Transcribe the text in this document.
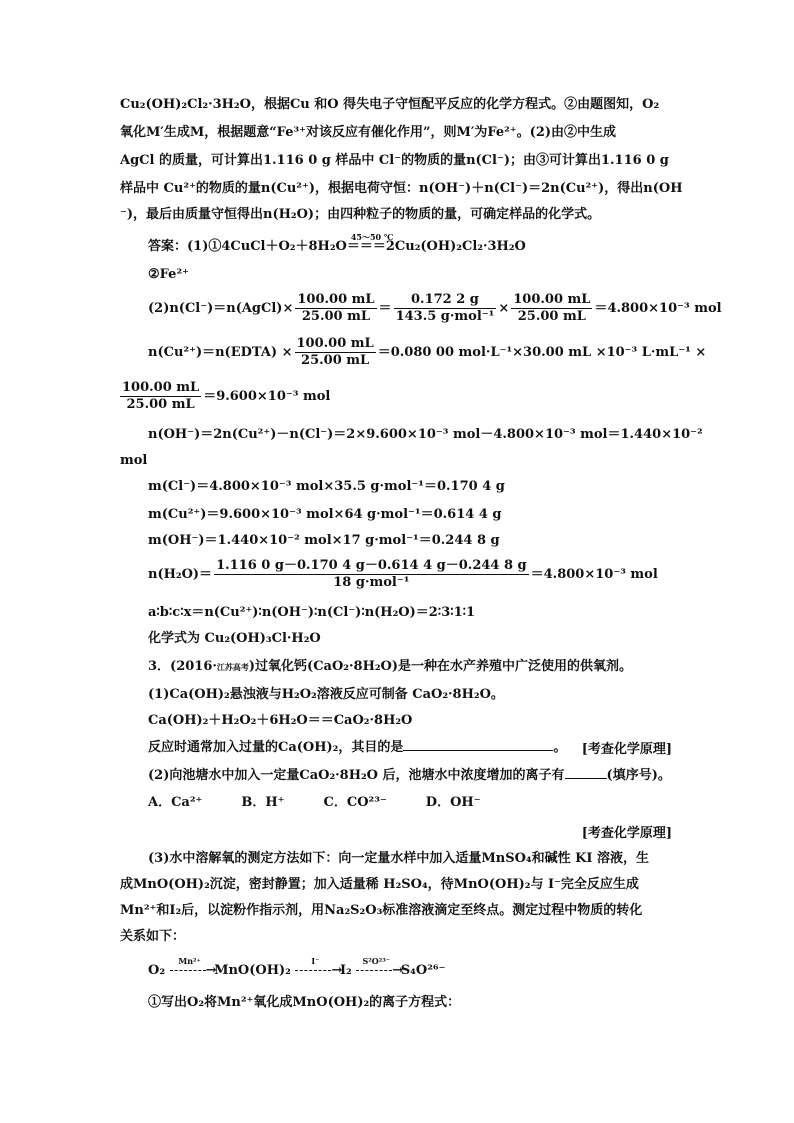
Cu₂(OH)₂Cl₂·3H₂O，根据Cu 和O 得失电子守恒配平反应的化学方程式。②由题图知，O₂
氧化M′生成M，根据题意“Fe³⁺对该反应有催化作用”，则M′为Fe²⁺。(2)由②中生成
AgCl 的质量，可计算出1.116 0 g 样品中 Cl⁻的物质的量n(Cl⁻)；由③可计算出1.116 0 g
样品中 Cu²⁺的物质的量n(Cu²⁺)，根据电荷守恒：n(OH⁻)＋n(Cl⁻)＝2n(Cu²⁺)，得出n(OH
⁻)，最后由质量守恒得出n(H₂O)；由四种粒子的物质的量，可确定样品的化学式。
答案：(1)①4CuCl＋O₂＋8H₂O
45～50 ℃
＝＝＝2Cu₂(OH)₂Cl₂·3H₂O
②Fe²⁺
(2)n(Cl⁻)＝n(AgCl)× $\frac{100.00 mL}{25.00 mL} = \frac{0.172 2 g}{\text{143.5 g·mol⁻¹}} \times \frac{100.00 mL}{25.00 mL} =4.800\times 10^{-3}$ mol
n(Cu²⁺)＝n(EDTA) × $\frac{100.00 mL}{25.00 mL} =0.080$ 00 mol·L⁻¹×30.00 mL ×10⁻³ L·mL⁻¹ ×
$\frac{100.00 mL}{25.00 mL} =9.600\times 10^{-3}$ mol
n(OH⁻)＝2n(Cu²⁺)－n(Cl⁻)＝2×9.600×10⁻³ mol－4.800×10⁻³ mol＝1.440×10⁻²
mol
m(Cl⁻)＝4.800×10⁻³ mol×35.5 g·mol⁻¹＝0.170 4 g
m(Cu²⁺)＝9.600×10⁻³ mol×64 g·mol⁻¹＝0.614 4 g
m(OH⁻)＝1.440×10⁻² mol×17 g·mol⁻¹＝0.244 8 g
$n(H_2O)= \frac{1.116 0 g-0.170 4 g-0.614 4 g-0.244 8 g}{\text{18 g·mol⁻¹}} =4.800\times 10^{-3}$ mol
a∶b∶c∶x＝n(Cu²⁺)∶n(OH⁻)∶n(Cl⁻)∶n(H₂O)＝2∶3∶1∶1
化学式为 Cu₂(OH)₃Cl·H₂O
3．(2016·江苏高考)过氧化钙(CaO₂·8H₂O)是一种在水产养殖中广泛使用的供氧剂。
(1)Ca(OH)₂悬浊液与H₂O₂溶液反应可制备 CaO₂·8H₂O。
Ca(OH)₂＋H₂O₂＋6H₂O＝＝CaO₂·8H₂O
反应时通常加入过量的Ca(OH)₂，其目的是	。 [考查化学原理]
(2)向池塘水中加入一定量CaO₂·8H₂O 后，池塘水中浓度增加的离子有	(填序号)。
A．Ca²⁺　　　B．H⁺　　　C．CO²³⁻　　　D．OH⁻
[考查化学原理]
(3)水中溶解氧的测定方法如下：向一定量水样中加入适量MnSO₄和碱性 KI 溶液，生
成MnO(OH)₂沉淀，密封静置；加入适量稀 H₂SO₄，待MnO(OH)₂与 I⁻完全反应生成
Mn²⁺和I₂后，以淀粉作指示剂，用Na₂S₂O₃标准溶液滴定至终点。测定过程中物质的转化
关系如下：
O₂
Mn²⁺
→ MnO(OH)₂
I⁻
→ I₂
S²O²³⁻
→ S₄O²⁶⁻
①写出O₂将Mn²⁺氧化成MnO(OH)₂的离子方程式：
